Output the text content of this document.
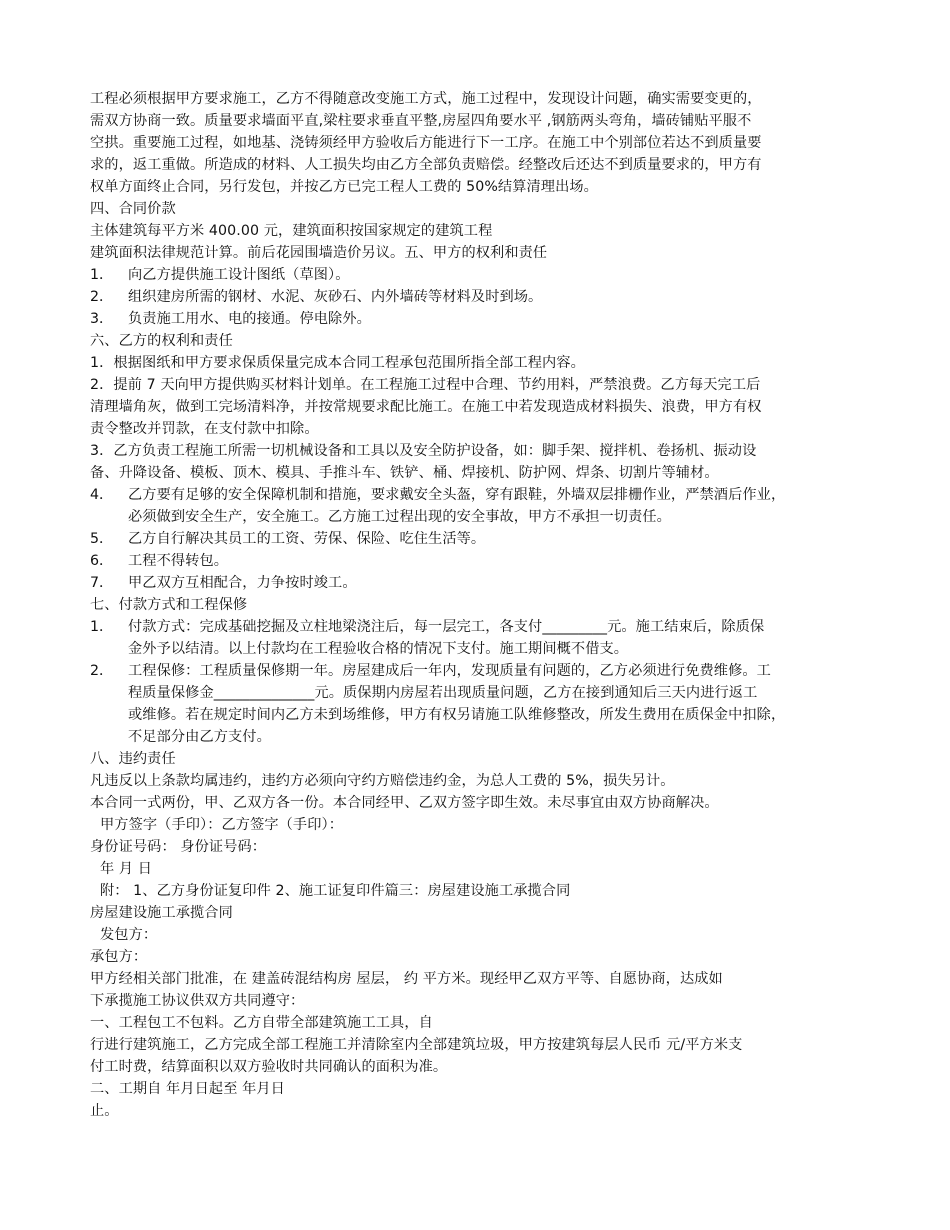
工程必须根据甲方要求施工，乙方不得随意改变施工方式，施工过程中，发现设计问题，确实需要变更的，
需双方协商一致。质量要求墙面平直,梁柱要求垂直平整,房屋四角要水平 ,钢筋两头弯角，墙砖铺贴平服不
空拱。重要施工过程，如地基、浇铸须经甲方验收后方能进行下一工序。在施工中个别部位若达不到质量要
求的，返工重做。所造成的材料、人工损失均由乙方全部负责赔偿。经整改后还达不到质量要求的，甲方有
权单方面终止合同，另行发包，并按乙方已完工程人工费的 50%结算清理出场。
四、合同价款
主体建筑每平方米 400.00 元，建筑面积按国家规定的建筑工程
建筑面积法律规范计算。前后花园围墙造价另议。五、甲方的权利和责任
1． 向乙方提供施工设计图纸（草图）。
2． 组织建房所需的钢材、水泥、灰砂石、内外墙砖等材料及时到场。
3． 负责施工用水、电的接通。停电除外。
六、乙方的权利和责任
1．根据图纸和甲方要求保质保量完成本合同工程承包范围所指全部工程内容。
2．提前 7 天向甲方提供购买材料计划单。在工程施工过程中合理、节约用料，严禁浪费。乙方每天完工后
清理墙角灰，做到工完场清料净，并按常规要求配比施工。在施工中若发现造成材料损失、浪费，甲方有权
责令整改并罚款，在支付款中扣除。
3．乙方负责工程施工所需一切机械设备和工具以及安全防护设备，如：脚手架、搅拌机、卷扬机、振动设
备、升降设备、模板、顶木、模具、手推斗车、铁铲、桶、焊接机、防护网、焊条、切割片等辅材。
4． 乙方要有足够的安全保障机制和措施，要求戴安全头盔，穿有跟鞋，外墙双层排栅作业，严禁酒后作业，
必须做到安全生产，安全施工。乙方施工过程出现的安全事故，甲方不承担一切责任。
5． 乙方自行解决其员工的工资、劳保、保险、吃住生活等。
6． 工程不得转包。
7． 甲乙双方互相配合，力争按时竣工。
七、付款方式和工程保修
1． 付款方式：完成基础挖掘及立柱地梁浇注后，每一层完工，各支付_________元。施工结束后，除质保
金外予以结清。以上付款均在工程验收合格的情况下支付。施工期间概不借支。
2． 工程保修：工程质量保修期一年。房屋建成后一年内，发现质量有问题的，乙方必须进行免费维修。工
程质量保修金______________元。质保期内房屋若出现质量问题，乙方在接到通知后三天内进行返工
或维修。若在规定时间内乙方未到场维修，甲方有权另请施工队维修整改，所发生费用在质保金中扣除，
不足部分由乙方支付。
八、违约责任
凡违反以上条款均属违约，违约方必须向守约方赔偿违约金，为总人工费的 5%，损失另计。
本合同一式两份，甲、乙双方各一份。本合同经甲、乙双方签字即生效。未尽事宜由双方协商解决。
甲方签字（手印）：乙方签字（手印）：
身份证号码： 身份证号码：
年 月 日
附： 1、乙方身份证复印件 2、施工证复印件篇三：房屋建设施工承揽合同
房屋建设施工承揽合同
发包方：
承包方：
甲方经相关部门批准，在 建盖砖混结构房 屋层， 约 平方米。现经甲乙双方平等、自愿协商，达成如
下承揽施工协议供双方共同遵守：
一、工程包工不包料。乙方自带全部建筑施工工具，自
行进行建筑施工，乙方完成全部工程施工并清除室内全部建筑垃圾，甲方按建筑每层人民币 元/平方米支
付工时费，结算面积以双方验收时共同确认的面积为准。
二、工期自 年月日起至 年月日
止。
